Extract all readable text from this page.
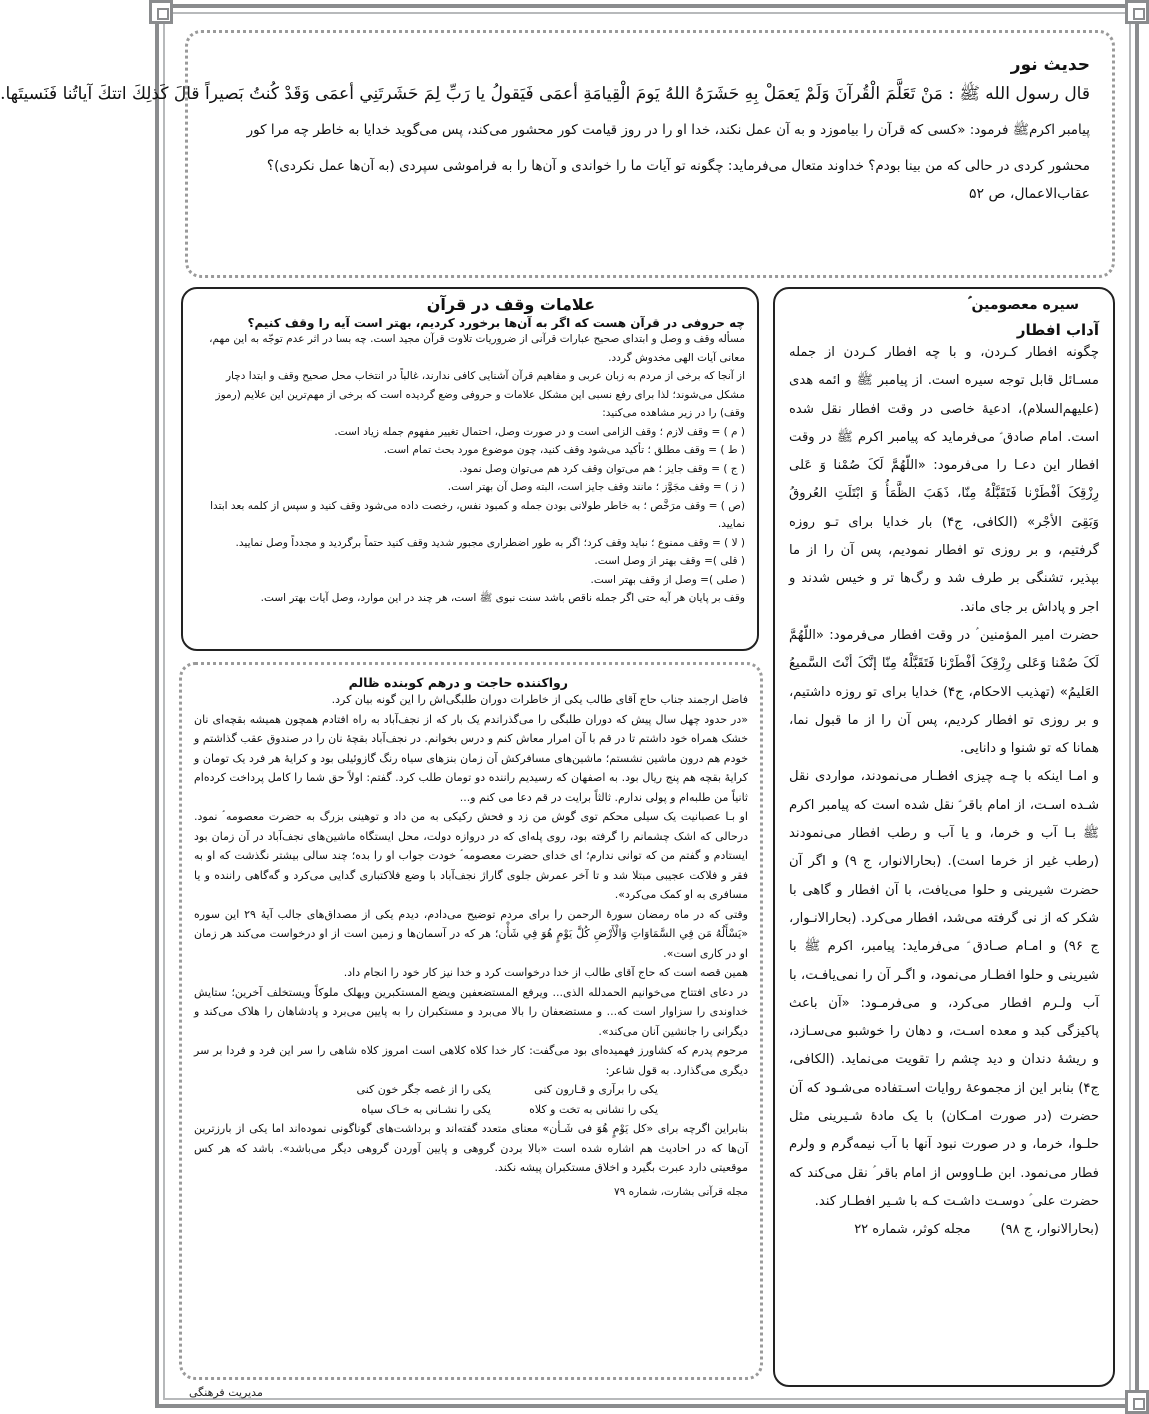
حدیث نور
قال رسول الله ﷺ : مَنْ تَعَلَّمَ الْقُرآنَ وَلَمْ يَعمَلْ بِهِ حَشَرَهُ اللهُ يَومَ الْقِيامَةِ أعمَى فَيَقولُ يا رَبِّ لِمَ حَشَرتَنِي أعمَى وَقَدْ كُنتُ بَصيراً قالَ كَذلِكَ اتتكَ آياتُنا فَنَسيتَها.
پیامبر اکرمﷺ فرمود: «کسی که قرآن را بیاموزد و به آن عمل نکند، خدا او را در روز قیامت کور محشور می‌کند، پس می‌گوید خدایا به خاطر چه مرا کور
محشور کردی در حالی که من بینا بودم؟ خداوند متعال می‌فرماید: چگونه تو آیات ما را خواندی و آن‌ها را به فراموشی سپردی (به آن‌ها عمل نکردی)؟
عقاب‌الاعمال، ص ۵۲
علامات وقف در قرآن
چه حروفی در قرآن هست که اگر به آن‌ها برخورد کردیم، بهتر است آیه را وقف کنیم؟

مسأله وقف و وصل و ابتدای صحیح عبارات قرآنی از ضروریات تلاوت قرآن مجید است. چه بسا در اثر عدم توجّه به این مهم، معانی آیات الهی مخدوش گردد.

از آنجا که برخی از مردم به زبان عربی و مفاهیم قرآن آشنایی کافی ندارند، غالباً در انتخاب محل صحیح وقف و ابتدا دچار مشکل می‌شوند؛ لذا برای رفع نسبی این مشکل علامات و حروفی وضع گردیده است که برخی از مهم‌ترین این علایم (رموز وقف) را در زیر مشاهده می‌کنید:

( م ) = وقف لازم ؛ وقف الزامی است و در صورت وصل، احتمال تغییر مفهوم جمله زیاد است.

( ط ) = وقف مطلق ؛ تأکید می‌شود وقف کنید، چون موضوع مورد بحث تمام است.

( ج ) = وقف جایز ؛ هم می‌توان وقف کرد هم می‌توان وصل نمود.

( ز ) = وقف مجَوَّز ؛ مانند وقف جایز است، البته وصل آن بهتر است.

(ص ) = وقف مرَخَّص ؛ به خاطر طولانی بودن جمله و کمبود نفس، رخصت داده می‌شود وقف کنید و سپس از کلمه بعد ابتدا نمایید.

( لا ) = وقف ممنوع ؛ نباید وقف کرد؛ اگر به طور اضطراری مجبور شدید وقف کنید حتماً برگردید و مجدداً وصل نمایید.

( قلی )= وقف بهتر از وصل است.

( صلی )= وصل از وقف بهتر است.

وقف بر پایان هر آیه حتی اگر جمله ناقص باشد سنت نبوی ﷺ است، هر چند در این موارد، وصل آیات بهتر است.

رواکننده حاجت و درهم کوبنده ظالم

فاضل ارجمند جناب حاج آقای طالب یکی از خاطرات دوران طلبگی‌اش را این گونه بیان کرد.

«در حدود چهل سال پیش که دوران طلبگی را می‌گذراندم یک بار که از نجف‌آباد به راه افتادم همچون همیشه بقچه‌ای نان خشک همراه خود داشتم تا در قم با آن امرار معاش کنم و درس بخوانم. در نجف‌آباد بقچهٔ نان را در صندوق عقب گذاشتم و خودم هم درون ماشین نشستم؛ ماشین‌های مسافرکش آن زمان بنزهای سیاه رنگ گازوئیلی بود و کرایهٔ هر فرد یک تومان و کرایهٔ بقچه هم پنج ریال بود. به اصفهان که رسیدیم راننده دو تومان طلب کرد. گفتم: اولاً حق شما را کامل پرداخت کرده‌ام ثانیاً من طلبه‌ام و پولی ندارم. ثالثاً برایت در قم دعا می کنم و...

او بـا عصبانیت یک سیلی محکم توی گوش من زد و فحش رکیکی به من داد و توهینی بزرگ به حضرت معصومه ؑ نمود. درحالی که اشک چشمانم را گرفته بود، روی پله‌ای که در دروازه دولت، محل ایستگاه ماشین‌های نجف‌آباد در آن زمان بود ایستادم و گفتم من که توانی ندارم؛ ای خدای حضرت معصومه ؑ خودت جواب او را بده؛ چند سالی بیشتر نگذشت که او به فقر و فلاکت عجیبی مبتلا شد و تا آخر عمرش جلوی گاراژ نجف‌آباد با وضع فلاکتباری گدایی می‌کرد و گه‌گاهی راننده و یا مسافری به او کمک می‌کرد».

وقتی که در ماه رمضان سورهٔ الرحمن را برای مردم توضیح می‌دادم، دیدم یکی از مصداق‌های جالب آیهٔ ۲۹ این سوره «يَسْأَلُهُ مَن فِي السَّمَاوَاتِ وَالْأَرْضِ كُلَّ يَوْمٍ هُوَ فِي شَأْن؛ هر که در آسمان‌ها و زمین است از او درخواست می‌کند هر زمان او در کاری است».

همین قصه است که حاج آقای طالب از خدا درخواست کرد و خدا نیز کار خود را انجام داد.

در دعای افتتاح می‌خوانیم الحمدلله الذی... ویرفع المستضعفین ویضع المستکبرین ویهلک ملوکاً ویستخلف آخرین؛ ستایش خداوندی را سزاوار است که... و مستضعفان را بالا می‌برد و مستکبران را به پایین می‌برد و پادشاهان را هلاک می‌کند و دیگرانی را جانشین آنان می‌کند».

مرحوم پدرم که کشاورز فهمیده‌ای بود می‌گفت: کار خدا کلاه کلاهی است امروز کلاه شاهی را سر این فرد و فردا بر سر دیگری می‌گذارد. به قول شاعر:

یکی را برآری و قـارون کنی
یکی را از غصه جگر خون کنی
یکی را نشانی به تخت و کلاه
یکی را نشـانی به خـاک سیاه

بنابراین اگرچه برای «کل یَوْمٍ هُوَ فی شَـأن» معنای متعدد گفته‌اند و برداشت‌های گوناگونی نموده‌اند اما یکی از بارزترین آن‌ها که در احادیث هم اشاره شده است «بالا بردن گروهی و پایین آوردن گروهی دیگر می‌باشد». باشد که هر کس موقعیتی دارد عبرت بگیرد و اخلاق مستکبران پیشه نکند.

مجله قرآنی بشارت، شماره ۷۹
سیره معصومین ؑ
آداب افطار

چگونه افطار کـردن، و با چه افطار کـردن از جمله مسـائل قابل توجه سیره است. از پیامبر ﷺ و ائمه هدی (علیهم‌السلام)، ادعیهٔ خاصی در وقت افطار نقل شده است. امام صادق ؑ می‌فرماید که پیامبر اکرم ﷺ در وقت افطار این دعـا را می‌فرمود: «اللّهُمَّ لَکَ صُمْنا وَ عَلی رِزْقِکَ أفْطَرْنا فَتَقَبَّلْهُ مِنّا، ذَهَبَ الظَّمَأُ وَ ابْتَلَتِ العُروقُ وَبَقِیَ الأجْر» (الکافی، ج۴) بار خدایا برای تـو روزه گرفتیم، و بر روزی تو افطار نمودیم، پس آن را از ما بپذیر، تشنگی بر طرف شد و رگ‌ها تر و خیس شدند و اجر و پاداش بر جای ماند.

حضرت امیر المؤمنین ؑ در وقت افطار می‌فرمود: «اللّهُمَّ لَکَ صُمْنا وَعَلی رِزْقِکَ أفْطَرْنا فَتَقَبَّلْهُ مِنّا إنَّکَ أنْتَ السَّمیعُ العَلیمُ» (تهذیب الاحکام، ج۴) خدایا برای تو روزه داشتیم، و بر روزی تو افطار کردیم، پس آن را از ما قبول نما، همانا که تو شنوا و دانایی.

و امـا اینکه با چـه چیزی افطـار می‌نمودند، مواردی نقل شـده اسـت، از امام باقر ؑ نقل شده است که پیامبر اکرم ﷺ بـا آب و خرما، و یا آب و رطب افطار می‌نمودند (رطب غیر از خرما است). (بحارالانوار، ج ۹) و اگر آن حضرت شیرینی و حلوا می‌یافت، با آن افطار و گاهی با شکر که از نی گرفته می‌شد، افطار می‌کرد. (بحارالانـوار، ج ۹۶) و امـام صـادق ؑ می‌فرماید: پیامبر، اکرم ﷺ با شیرینی و حلوا افطـار می‌نمود، و اگـر آن را نمی‌یافـت، با آب ولـرم افطار می‌کرد، و می‌فرمـود: «آن باعث پاکیزگی کبد و معده اسـت، و دهان را خوشبو می‌سـازد، و ریشهٔ دندان و دید چشم را تقویت می‌نماید. (الکافی، ج۴) بنابر این از مجموعهٔ روایات اسـتفاده می‌شـود که آن حضرت (در صورت امـکان) با یک مادهٔ شـیرینی مثل حلـوا، خرما، و در صورت نبود آنها با آب نیمه‌گرم و ولرم فطار می‌نمود. ابن طـاووس از امام باقر ؑ نقل می‌کند که حضرت علی ؑ دوسـت داشـت کـه با شـیر افطـار کند.

(بحارالانوار، ج ۹۸)
مجله کوثر، شماره ۲۲
مدیریت فرهنگی
